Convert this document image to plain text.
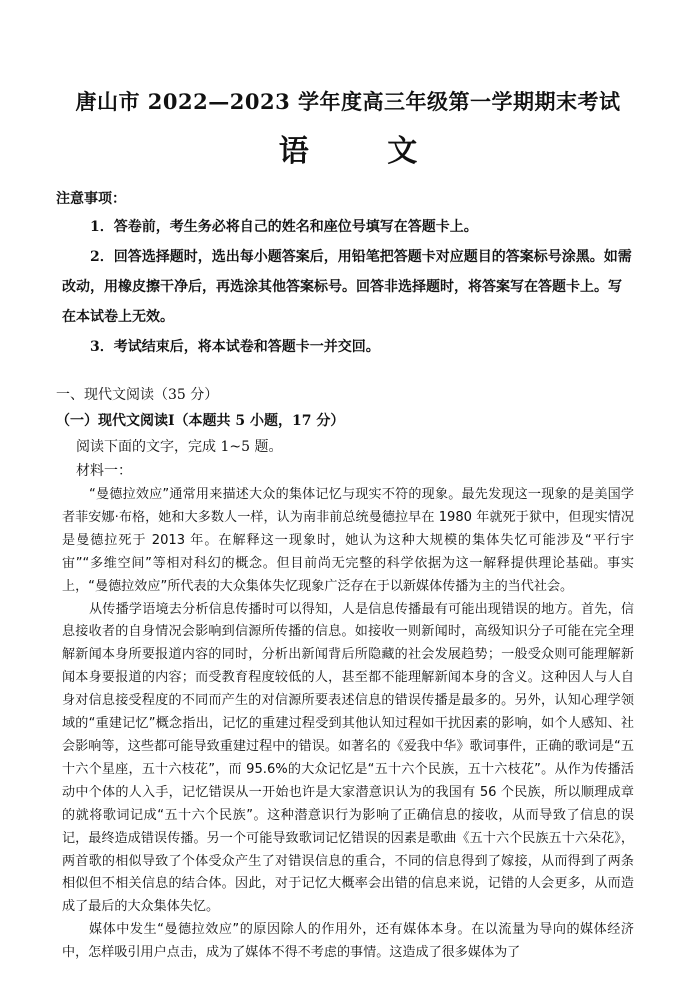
唐山市 2022—2023 学年度高三年级第一学期期末考试
语 文

注意事项：

1．答卷前，考生务必将自己的姓名和座位号填写在答题卡上。

2．回答选择题时，选出每小题答案后，用铅笔把答题卡对应题目的答案标号涂黑。如需改动，用橡皮擦干净后，再选涂其他答案标号。回答非选择题时，将答案写在答题卡上。写在本试卷上无效。

3．考试结束后，将本试卷和答题卡一并交回。

一、现代文阅读（35 分）

（一）现代文阅读Ⅰ（本题共 5 小题，17 分）

阅读下面的文字，完成 1~5 题。

材料一：

“曼德拉效应”通常用来描述大众的集体记忆与现实不符的现象。最先发现这一现象的是美国学者菲安娜·布格，她和大多数人一样，认为南非前总统曼德拉早在 1980 年就死于狱中，但现实情况是曼德拉死于 2013 年。在解释这一现象时，她认为这种大规模的集体失忆可能涉及“平行宇宙”“多维空间”等相对科幻的概念。但目前尚无完整的科学依据为这一解释提供理论基础。事实上，“曼德拉效应”所代表的大众集体失忆现象广泛存在于以新媒体传播为主的当代社会。

从传播学语境去分析信息传播时可以得知，人是信息传播最有可能出现错误的地方。首先，信息接收者的自身情况会影响到信源所传播的信息。如接收一则新闻时，高级知识分子可能在完全理解新闻本身所要报道内容的同时，分析出新闻背后所隐藏的社会发展趋势；一般受众则可能理解新闻本身要报道的内容；而受教育程度较低的人，甚至都不能理解新闻本身的含义。这种因人与人自身对信息接受程度的不同而产生的对信源所要表述信息的错误传播是最多的。另外，认知心理学领域的“重建记忆”概念指出，记忆的重建过程受到其他认知过程如干扰因素的影响，如个人感知、社会影响等，这些都可能导致重建过程中的错误。如著名的《爱我中华》歌词事件，正确的歌词是“五十六个星座，五十六枝花”，而 95.6%的大众记忆是“五十六个民族，五十六枝花”。从作为传播活动中个体的人入手，记忆错误从一开始也许是大家潜意识认为的我国有 56 个民族，所以顺理成章的就将歌词记成“五十六个民族”。这种潜意识行为影响了正确信息的接收，从而导致了信息的误记，最终造成错误传播。另一个可能导致歌词记忆错误的因素是歌曲《五十六个民族五十六朵花》，两首歌的相似导致了个体受众产生了对错误信息的重合，不同的信息得到了嫁接，从而得到了两条相似但不相关信息的结合体。因此，对于记忆大概率会出错的信息来说，记错的人会更多，从而造成了最后的大众集体失忆。

媒体中发生“曼德拉效应”的原因除人的作用外，还有媒体本身。在以流量为导向的媒体经济中，怎样吸引用户点击，成为了媒体不得不考虑的事情。这造成了很多媒体为了
